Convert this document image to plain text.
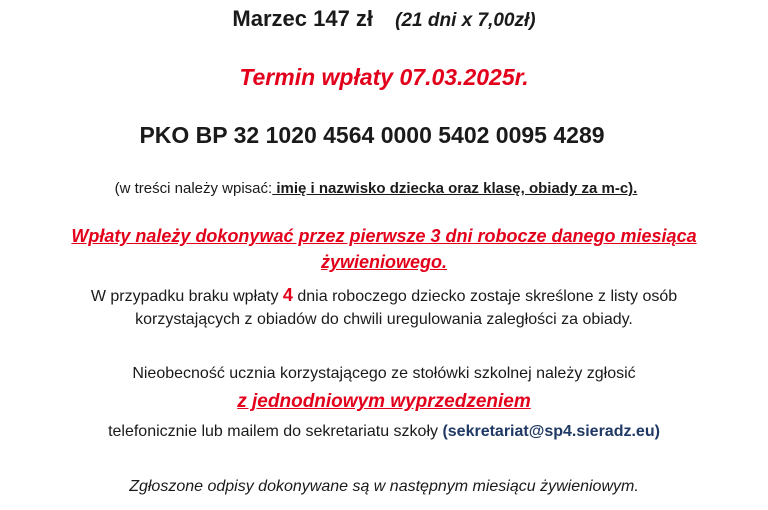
Marzec 147 zł (21 dni x 7,00zł)
Termin wpłaty 07.03.2025r.
PKO BP 32 1020 4564 0000 5402 0095 4289
(w treści należy wpisać: imię i nazwisko dziecka oraz klasę, obiady za m-c).
Wpłaty należy dokonywać przez pierwsze 3 dni robocze danego miesiąca
żywieniowego.
W przypadku braku wpłaty 4 dnia roboczego dziecko zostaje skreślone z listy osób
korzystających z obiadów do chwili uregulowania zaległości za obiady.
Nieobecność ucznia korzystającego ze stołówki szkolnej należy zgłosić
z jednodniowym wyprzedzeniem
telefonicznie lub mailem do sekretariatu szkoły (sekretariat@sp4.sieradz.eu)
Zgłoszone odpisy dokonywane są w następnym miesiącu żywieniowym.
